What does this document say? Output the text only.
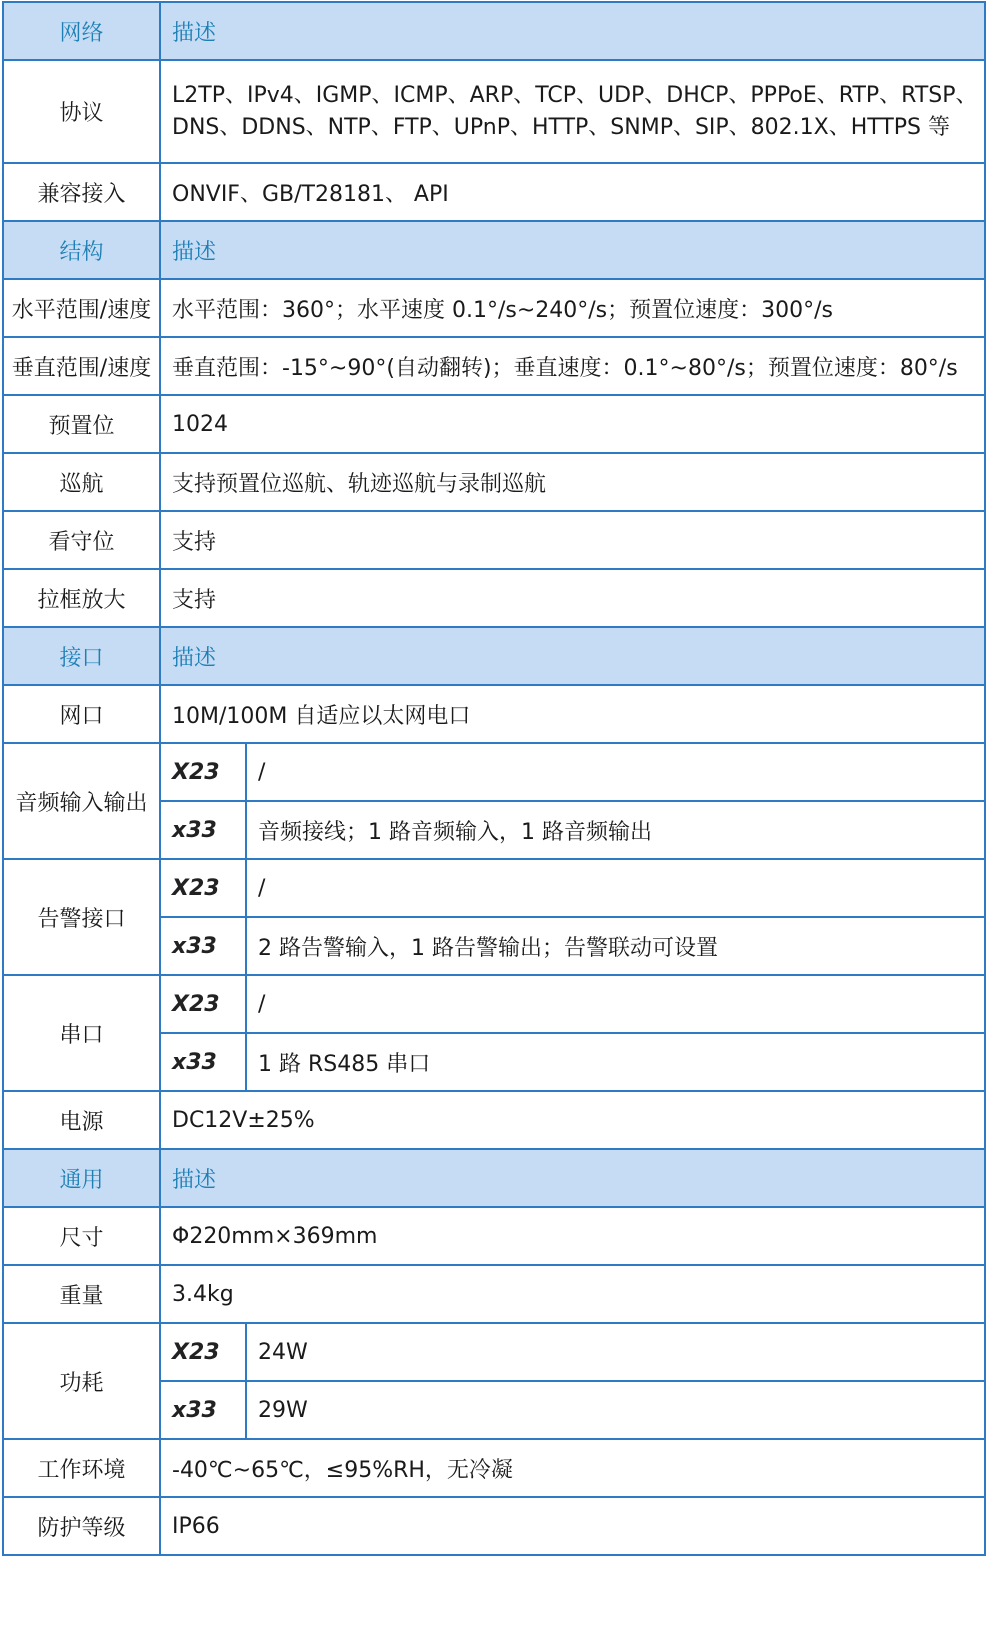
网络	描述	
协议	L2TP、IPv4、IGMP、ICMP、ARP、TCP、UDP、DHCP、PPPoE、RTP、RTSP、DNS、DDNS、NTP、FTP、UPnP、HTTP、SNMP、SIP、802.1X、HTTPS 等	
兼容接入	ONVIF、GB/T28181、 API	
结构	描述	
水平范围/速度	水平范围：360°；水平速度 0.1°/s~240°/s；预置位速度：300°/s	
垂直范围/速度	垂直范围：-15°~90°(自动翻转)；垂直速度：0.1°~80°/s；预置位速度：80°/s	
预置位	1024	
巡航	支持预置位巡航、轨迹巡航与录制巡航	
看守位	支持	
拉框放大	支持	
接口	描述	
网口	10M/100M 自适应以太网电口	
音频输入输出	X23	/
	x33	音频接线；1 路音频输入，1 路音频输出
告警接口	X23	/
	x33	2 路告警输入，1 路告警输出；告警联动可设置
串口	X23	/
	x33	1 路 RS485 串口
电源	DC12V±25%	
通用	描述	
尺寸	Φ220mm×369mm	
重量	3.4kg	
功耗	X23	24W
	x33	29W
工作环境	-40℃~65℃，≤95%RH，无冷凝	
防护等级	IP66	
